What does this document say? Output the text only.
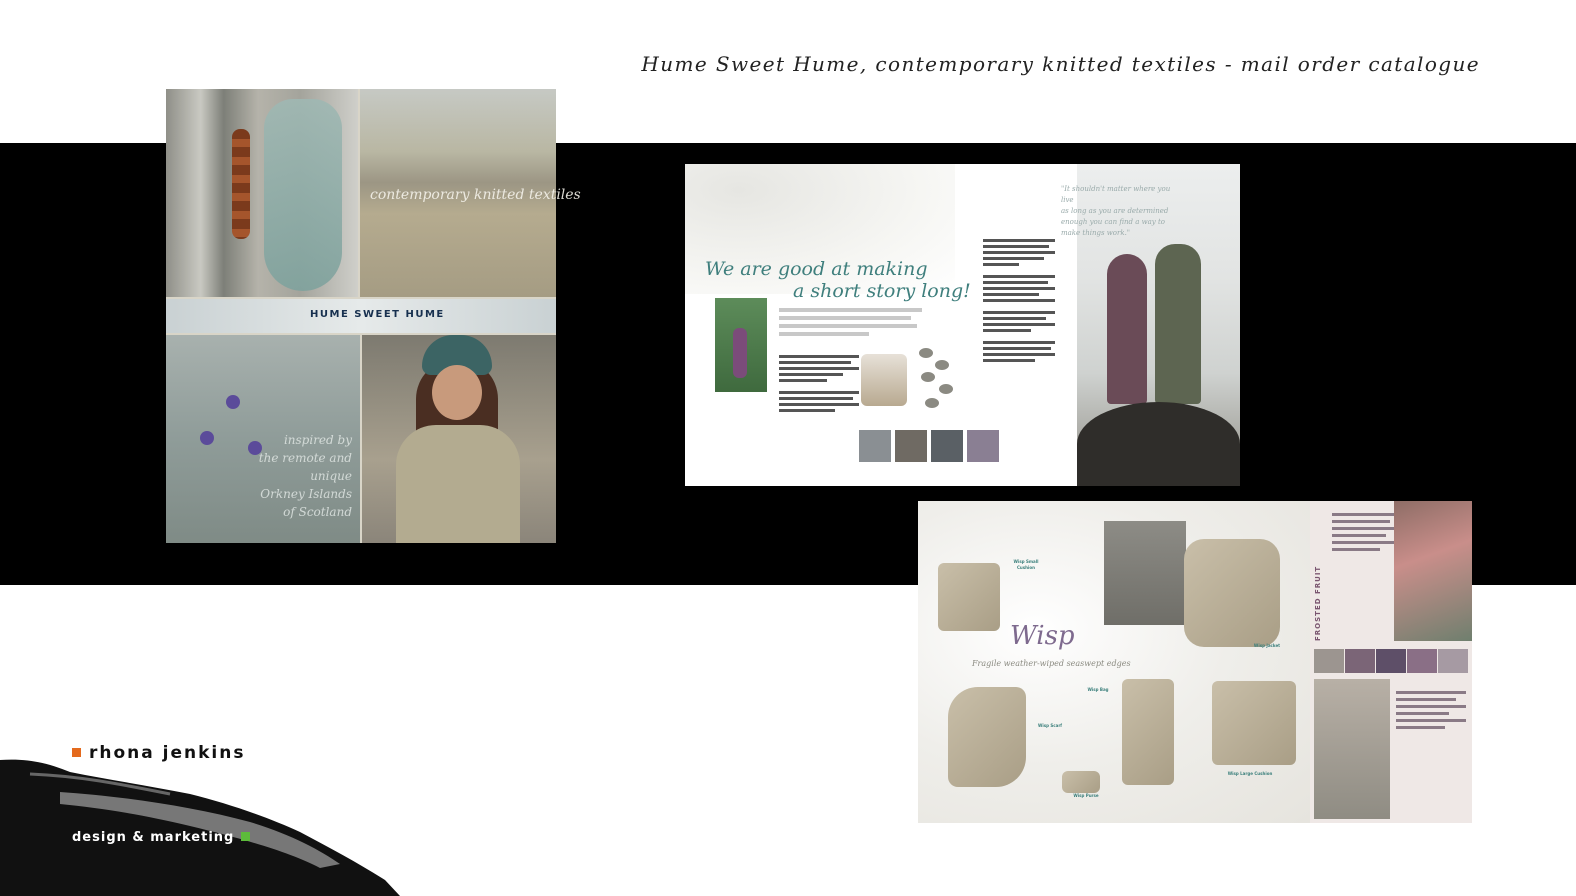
Hume Sweet Hume, contemporary knitted textiles - mail order catalogue
contemporary knitted textiles
HUME SWEET HUME
inspired by
the remote and
unique
Orkney Islands
of Scotland
We are good at making
a short story long!
"It shouldn't matter where you live
as long as you are determined
enough you can find a way to
make things work."
Wisp Small Cushion
Wisp Jacket
Wisp
Fragile weather-wiped seaswept edges
Wisp Scarf
Wisp Bag
Wisp Purse
Wisp Large Cushion
FROSTED FRUIT
rhona jenkins
design & marketing
